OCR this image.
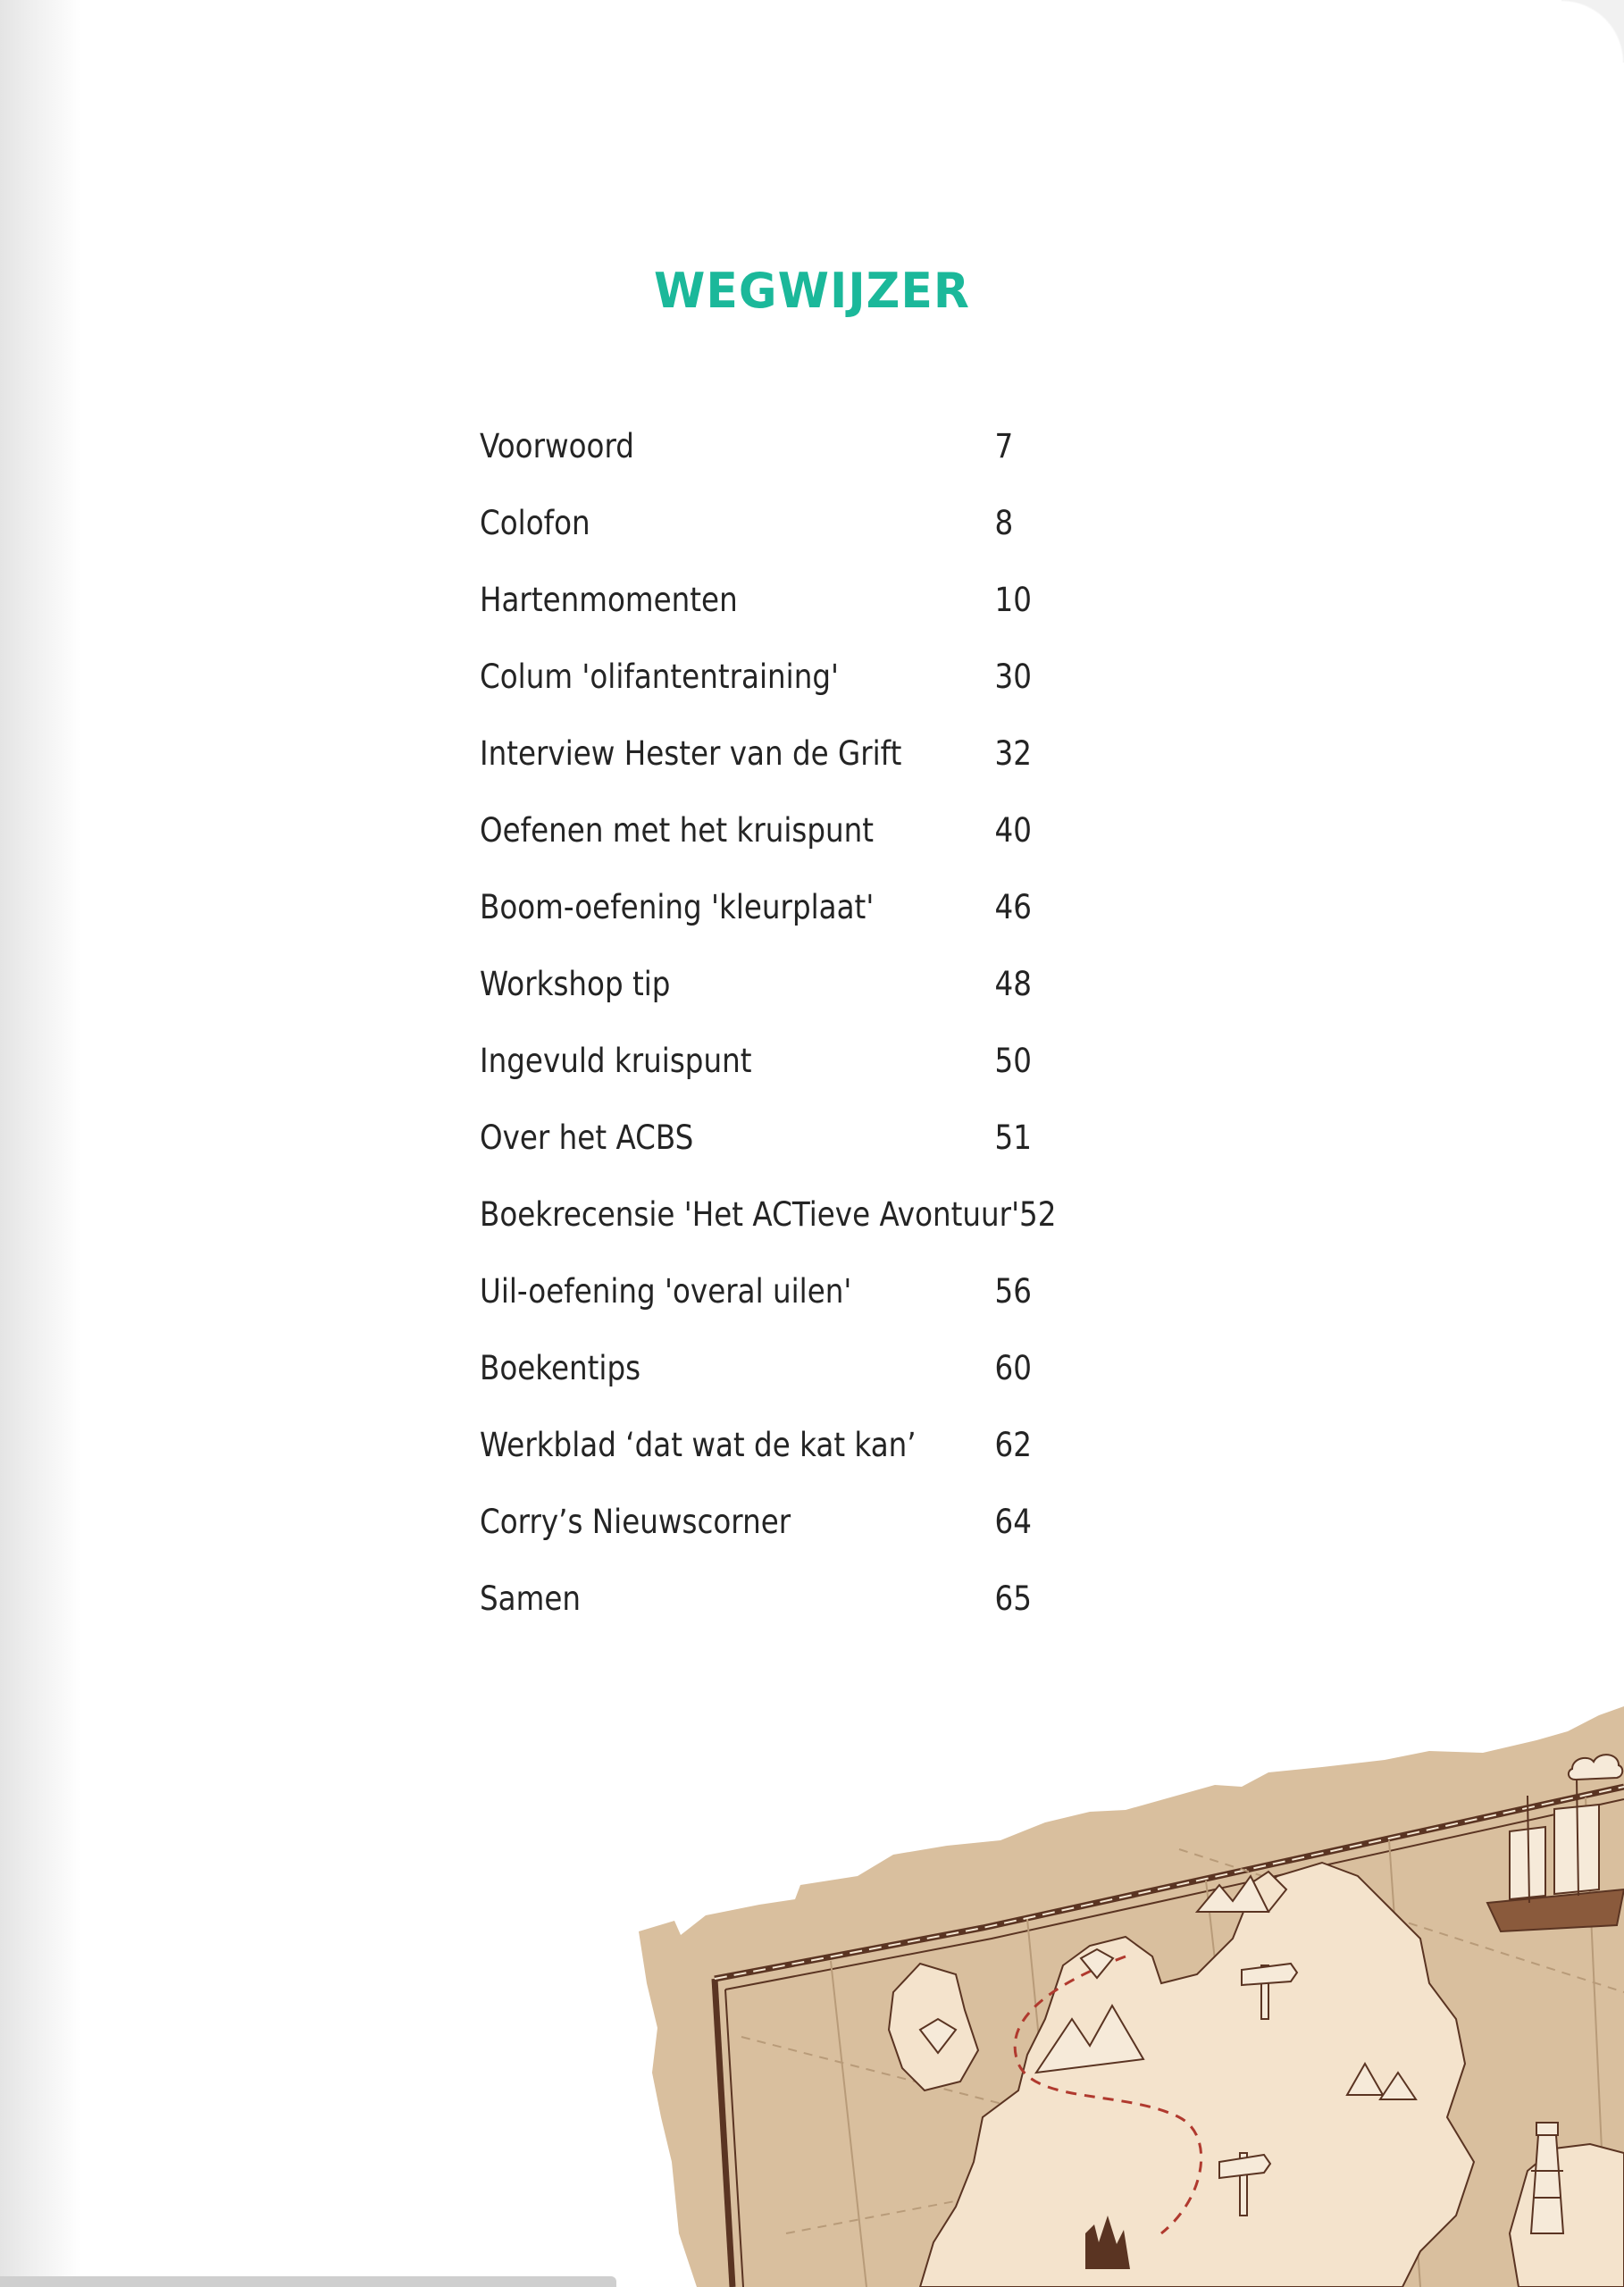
WEGWIJZER
Voorwoord	7
Colofon	8
Hartenmomenten	10
Colum 'olifantentraining'	30
Interview Hester van de Grift	32
Oefenen met het kruispunt	40
Boom-oefening 'kleurplaat'	46
Workshop tip	48
Ingevuld kruispunt	50
Over het ACBS	51
Boekrecensie 'Het ACTieve Avontuur' 52
Uil-oefening 'overal uilen'	56
Boekentips	60
Werkblad ‘dat wat de kat kan’	62
Corry’s Nieuwscorner	64
Samen	65
